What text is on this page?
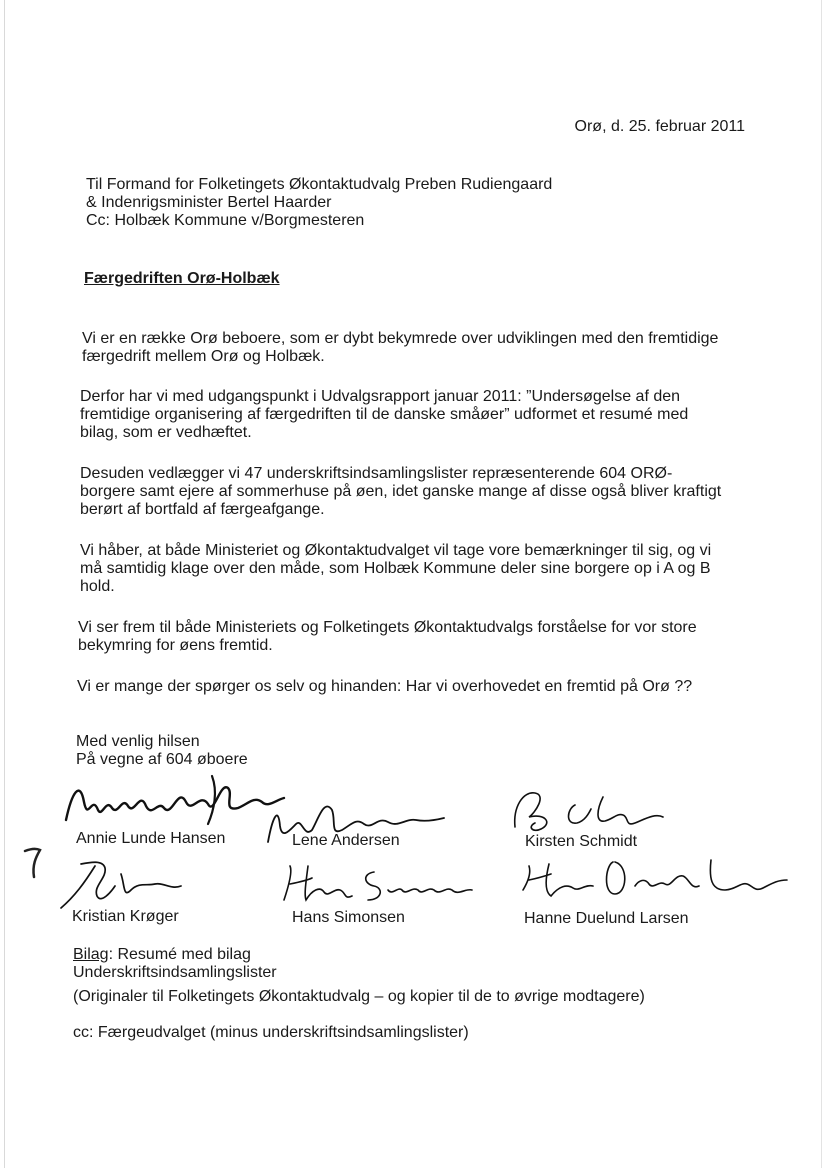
Orø, d. 25. februar 2011
Til Formand for Folketingets Økontaktudvalg Preben Rudiengaard
& Indenrigsminister Bertel Haarder
Cc: Holbæk Kommune v/Borgmesteren
Færgedriften Orø-Holbæk
Vi er en række Orø beboere, som er dybt bekymrede over udviklingen med den fremtidige
færgedrift mellem Orø og Holbæk.
Derfor har vi med udgangspunkt i Udvalgsrapport januar 2011: ”Undersøgelse af den
fremtidige organisering af færgedriften til de danske småøer” udformet et resumé med
bilag, som er vedhæftet.
Desuden vedlægger vi 47 underskriftsindsamlingslister repræsenterende 604 ORØ-
borgere samt ejere af sommerhuse på øen, idet ganske mange af disse også bliver kraftigt
berørt af bortfald af færgeafgange.
Vi håber, at både Ministeriet og Økontaktudvalget vil tage vore bemærkninger til sig, og vi
må samtidig klage over den måde, som Holbæk Kommune deler sine borgere op i A og B
hold.
Vi ser frem til både Ministeriets og Folketingets Økontaktudvalgs forståelse for vor store
bekymring for øens fremtid.
Vi er mange der spørger os selv og hinanden: Har vi overhovedet en fremtid på Orø ??
Med venlig hilsen
På vegne af 604 øboere
Annie Lunde Hansen	Lene Andersen	Kirsten Schmidt
Kristian Krøger	Hans Simonsen	Hanne Duelund Larsen
Bilag: Resumé med bilag
Underskriftsindsamlingslister
(Originaler til Folketingets Økontaktudvalg – og kopier til de to øvrige modtagere)
cc: Færgeudvalget (minus underskriftsindsamlingslister)
